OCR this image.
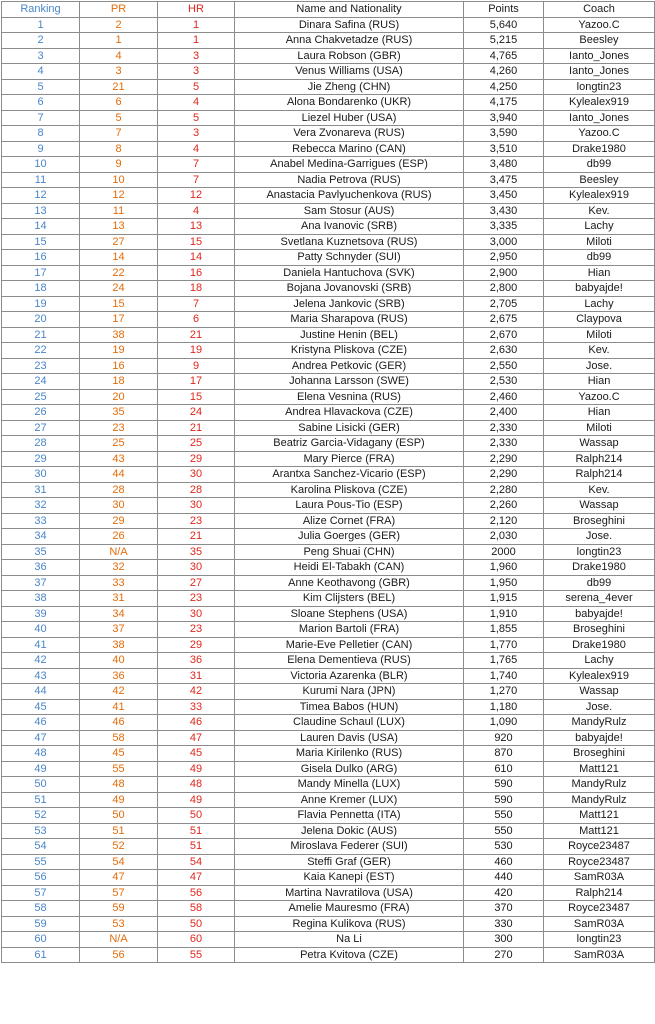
Ranking	PR	HR	Name and Nationality	Points	Coach
1	2	1	Dinara Safina (RUS)	5,640	Yazoo.C
2	1	1	Anna Chakvetadze (RUS)	5,215	Beesley
3	4	3	Laura Robson (GBR)	4,765	Ianto_Jones
4	3	3	Venus Williams (USA)	4,260	Ianto_Jones
5	21	5	Jie Zheng (CHN)	4,250	longtin23
6	6	4	Alona Bondarenko (UKR)	4,175	Kylealex919
7	5	5	Liezel Huber (USA)	3,940	Ianto_Jones
8	7	3	Vera Zvonareva (RUS)	3,590	Yazoo.C
9	8	4	Rebecca Marino (CAN)	3,510	Drake1980
10	9	7	Anabel Medina-Garrigues (ESP)	3,480	db99
11	10	7	Nadia Petrova (RUS)	3,475	Beesley
12	12	12	Anastacia Pavlyuchenkova (RUS)	3,450	Kylealex919
13	11	4	Sam Stosur (AUS)	3,430	Kev.
14	13	13	Ana Ivanovic (SRB)	3,335	Lachy
15	27	15	Svetlana Kuznetsova (RUS)	3,000	Miloti
16	14	14	Patty Schnyder (SUI)	2,950	db99
17	22	16	Daniela Hantuchova (SVK)	2,900	Hian
18	24	18	Bojana Jovanovski (SRB)	2,800	babyajde!
19	15	7	Jelena Jankovic (SRB)	2,705	Lachy
20	17	6	Maria Sharapova (RUS)	2,675	Claypova
21	38	21	Justine Henin (BEL)	2,670	Miloti
22	19	19	Kristyna Pliskova (CZE)	2,630	Kev.
23	16	9	Andrea Petkovic (GER)	2,550	Jose.
24	18	17	Johanna Larsson (SWE)	2,530	Hian
25	20	15	Elena Vesnina (RUS)	2,460	Yazoo.C
26	35	24	Andrea Hlavackova (CZE)	2,400	Hian
27	23	21	Sabine Lisicki (GER)	2,330	Miloti
28	25	25	Beatriz Garcia-Vidagany (ESP)	2,330	Wassap
29	43	29	Mary Pierce (FRA)	2,290	Ralph214
30	44	30	Arantxa Sanchez-Vicario (ESP)	2,290	Ralph214
31	28	28	Karolina Pliskova (CZE)	2,280	Kev.
32	30	30	Laura Pous-Tio (ESP)	2,260	Wassap
33	29	23	Alize Cornet (FRA)	2,120	Broseghini
34	26	21	Julia Goerges (GER)	2,030	Jose.
35	N/A	35	Peng Shuai (CHN)	2000	longtin23
36	32	30	Heidi El-Tabakh (CAN)	1,960	Drake1980
37	33	27	Anne Keothavong (GBR)	1,950	db99
38	31	23	Kim Clijsters (BEL)	1,915	serena_4ever
39	34	30	Sloane Stephens (USA)	1,910	babyajde!
40	37	23	Marion Bartoli (FRA)	1,855	Broseghini
41	38	29	Marie-Eve Pelletier (CAN)	1,770	Drake1980
42	40	36	Elena Dementieva (RUS)	1,765	Lachy
43	36	31	Victoria Azarenka (BLR)	1,740	Kylealex919
44	42	42	Kurumi Nara (JPN)	1,270	Wassap
45	41	33	Timea Babos (HUN)	1,180	Jose.
46	46	46	Claudine Schaul (LUX)	1,090	MandyRulz
47	58	47	Lauren Davis (USA)	920	babyajde!
48	45	45	Maria Kirilenko (RUS)	870	Broseghini
49	55	49	Gisela Dulko (ARG)	610	Matt121
50	48	48	Mandy Minella (LUX)	590	MandyRulz
51	49	49	Anne Kremer (LUX)	590	MandyRulz
52	50	50	Flavia Pennetta (ITA)	550	Matt121
53	51	51	Jelena Dokic (AUS)	550	Matt121
54	52	51	Miroslava Federer (SUI)	530	Royce23487
55	54	54	Steffi Graf (GER)	460	Royce23487
56	47	47	Kaia Kanepi (EST)	440	SamR03A
57	57	56	Martina Navratilova (USA)	420	Ralph214
58	59	58	Amelie Mauresmo (FRA)	370	Royce23487
59	53	50	Regina Kulikova (RUS)	330	SamR03A
60	N/A	60	Na Li	300	longtin23
61	56	55	Petra Kvitova (CZE)	270	SamR03A
